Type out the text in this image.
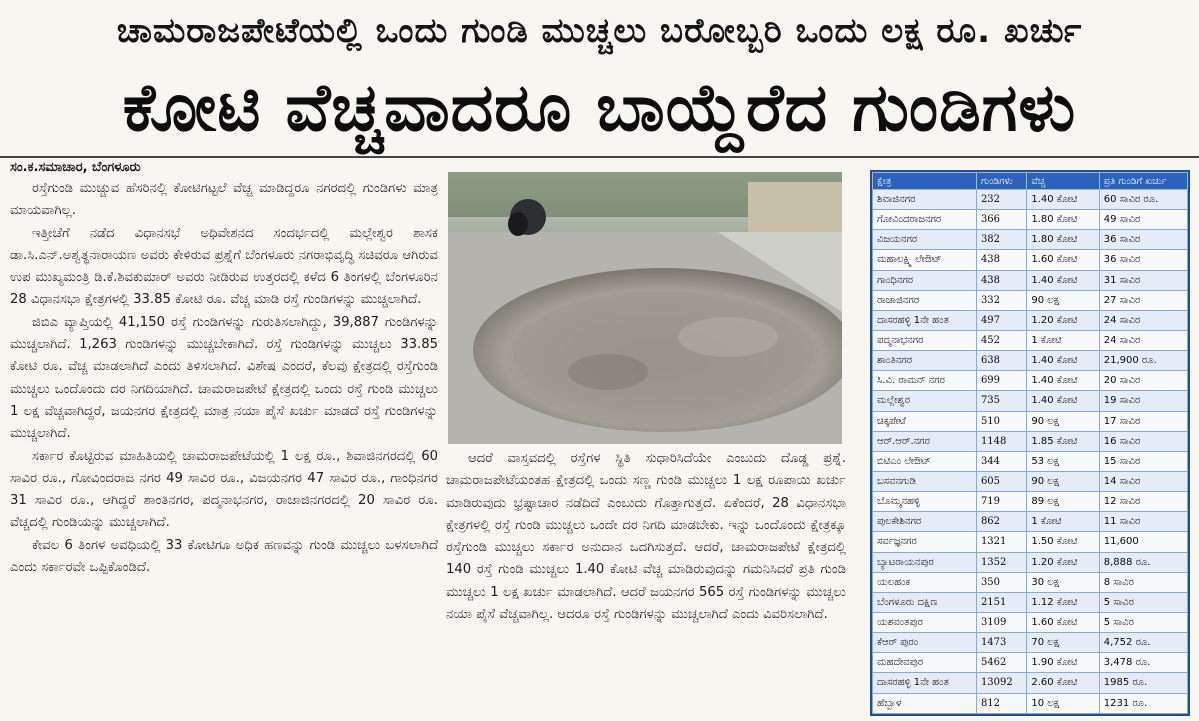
ಚಾಮರಾಜಪೇಟೆಯಲ್ಲಿ ಒಂದು ಗುಂಡಿ ಮುಚ್ಚಲು ಬರೋಬ್ಬರಿ ಒಂದು ಲಕ್ಷ ರೂ. ಖರ್ಚು
ಕೋಟಿ ವೆಚ್ಚವಾದರೂ ಬಾಯ್ದೆರೆದ ಗುಂಡಿಗಳು
ಸಂ.ಕ.ಸಮಾಚಾರ, ಬೆಂಗಳೂರು

ರಸ್ತೆಗುಂಡಿ ಮುಚ್ಚುವ ಹೆಸರಿನಲ್ಲಿ ಕೋಟಿಗಟ್ಟಲೆ ವೆಚ್ಚ ಮಾಡಿದ್ದರೂ ನಗರದಲ್ಲಿ ಗುಂಡಿಗಳು ಮಾತ್ರ ಮಾಯವಾಗಿಲ್ಲ.

ಇತ್ತೀಚೆಗೆ ನಡೆದ ವಿಧಾನಸಭೆ ಅಧಿವೇಶನದ ಸಂದರ್ಭದಲ್ಲಿ ಮಲ್ಲೇಶ್ವರ ಶಾಸಕ ಡಾ.ಸಿ.ಎನ್.ಅಶ್ವತ್ಥನಾರಾಯಣ ಅವರು ಕೇಳಿರುವ ಪ್ರಶ್ನೆಗೆ ಬೆಂಗಳೂರು ನಗರಾಭಿವೃದ್ಧಿ ಸಚಿವರೂ ಆಗಿರುವ ಉಪ ಮುಖ್ಯಮಂತ್ರಿ ಡಿ.ಕೆ.ಶಿವಕುಮಾರ್ ಅವರು ನೀಡಿರುವ ಉತ್ತರದಲ್ಲಿ ಕಳೆದ 6 ತಿಂಗಳಲ್ಲಿ ಬೆಂಗಳೂರಿನ 28 ವಿಧಾನಸಭಾ ಕ್ಷೇತ್ರಗಳಲ್ಲಿ 33.85 ಕೋಟಿ ರೂ. ವೆಚ್ಚ ಮಾಡಿ ರಸ್ತೆ ಗುಂಡಿಗಳನ್ನು ಮುಚ್ಚಲಾಗಿದೆ.

ಜಿಬಿಎ ವ್ಯಾಪ್ತಿಯಲ್ಲಿ 41,150 ರಸ್ತೆ ಗುಂಡಿಗಳನ್ನು ಗುರುತಿಸಲಾಗಿದ್ದು, 39,887 ಗುಂಡಿಗಳನ್ನು ಮುಚ್ಚಲಾಗಿದೆ. 1,263 ಗುಂಡಿಗಳನ್ನು ಮುಚ್ಚಬೇಕಾಗಿದೆ. ರಸ್ತೆ ಗುಂಡಿಗಳನ್ನು ಮುಚ್ಚಲು 33.85 ಕೋಟಿ ರೂ. ವೆಚ್ಚ ಮಾಡಲಾಗಿದೆ ಎಂದು ತಿಳಿಸಲಾಗಿದೆ. ವಿಶೇಷ ಎಂದರೆ, ಕೆಲವು ಕ್ಷೇತ್ರದಲ್ಲಿ ರಸ್ತೆಗುಂಡಿ ಮುಚ್ಚಲು ಒಂದೊಂದು ದರ ನಿಗದಿಯಾಗಿದೆ. ಚಾಮರಾಜಪೇಟೆ ಕ್ಷೇತ್ರದಲ್ಲಿ ಒಂದು ರಸ್ತೆ ಗುಂಡಿ ಮುಚ್ಚಲು 1 ಲಕ್ಷ ವೆಚ್ಚವಾಗಿದ್ದರೆ, ಜಯನಗರ ಕ್ಷೇತ್ರದಲ್ಲಿ ಮಾತ್ರ ನಯಾ ಪೈಸೆ ಖರ್ಚು ಮಾಡದೆ ರಸ್ತೆ ಗುಂಡಿಗಳನ್ನು ಮುಚ್ಚಲಾಗಿದೆ.

ಸರ್ಕಾರ ಕೊಟ್ಟಿರುವ ಮಾಹಿತಿಯಲ್ಲಿ ಚಾಮರಾಜಪೇಟೆಯಲ್ಲಿ 1 ಲಕ್ಷ ರೂ., ಶಿವಾಜಿನಗರದಲ್ಲಿ 60 ಸಾವಿರ ರೂ., ಗೋವಿಂದರಾಜ ನಗರ 49 ಸಾವಿರ ರೂ., ವಿಜಯನಗರ 47 ಸಾವಿರ ರೂ., ಗಾಂಧಿನಗರ 31 ಸಾವಿರ ರೂ., ಆಗಿದ್ದರೆ ಶಾಂತಿನಗರ, ಪದ್ಮನಾಭನಗರ, ರಾಜಾಜಿನಗರದಲ್ಲಿ 20 ಸಾವಿರ ರೂ. ವೆಚ್ಚದಲ್ಲಿ ಗುಂಡಿಯನ್ನು ಮುಚ್ಚಲಾಗಿದೆ.

ಕೇವಲ 6 ತಿಂಗಳ ಅವಧಿಯಲ್ಲಿ 33 ಕೋಟಿಗೂ ಅಧಿಕ ಹಣವನ್ನು ಗುಂಡಿ ಮುಚ್ಚಲು ಬಳಸಲಾಗಿದೆ ಎಂದು ಸರ್ಕಾರವೇ ಒಪ್ಪಿಕೊಂಡಿದೆ.

ಆದರೆ ವಾಸ್ತವದಲ್ಲಿ ರಸ್ತೆಗಳ ಸ್ಥಿತಿ ಸುಧಾರಿಸಿದೆಯೇ ಎಂಬುದು ದೊಡ್ಡ ಪ್ರಶ್ನೆ. ಚಾಮರಾಜಪೇಟೆಯಂತಹ ಕ್ಷೇತ್ರದಲ್ಲಿ ಒಂದು ಸಣ್ಣ ಗುಂಡಿ ಮುಚ್ಚಲು 1 ಲಕ್ಷ ರೂಪಾಯಿ ಖರ್ಚು ಮಾಡಿರುವುದು ಭ್ರಷ್ಟಾಚಾರ ನಡೆದಿದೆ ಎಂಬುದು ಗೊತ್ತಾಗುತ್ತದೆ. ಏಕೆಂದರೆ, 28 ವಿಧಾನಸಭಾ ಕ್ಷೇತ್ರಗಳಲ್ಲಿ ರಸ್ತೆ ಗುಂಡಿ ಮುಚ್ಚಲು ಒಂದೇ ದರ ನಿಗದಿ ಮಾಡಬೇಕು. ಇನ್ನು ಒಂದೊಂದು ಕ್ಷೇತ್ರಕ್ಕೂ ರಸ್ತೆಗುಂಡಿ ಮುಚ್ಚಲು ಸರ್ಕಾರ ಅನುದಾನ ಒದಗಿಸುತ್ತದೆ. ಆದರೆ, ಚಾಮರಾಜಪೇಟೆ ಕ್ಷೇತ್ರದಲ್ಲಿ 140 ರಸ್ತೆ ಗುಂಡಿ ಮುಚ್ಚಲು 1.40 ಕೋಟಿ ವೆಚ್ಚ ಮಾಡಿರುವುದನ್ನು ಗಮನಿಸಿದರೆ ಪ್ರತಿ ಗುಂಡಿ ಮುಚ್ಚಲು 1 ಲಕ್ಷ ಖರ್ಚು ಮಾಡಲಾಗಿದೆ. ಆದರೆ ಜಯನಗರ 565 ರಸ್ತೆ ಗುಂಡಿಗಳನ್ನು ಮುಚ್ಚಲು ನಯಾ ಪೈಸೆ ವೆಚ್ಚವಾಗಿಲ್ಲ. ಆದರೂ ರಸ್ತೆ ಗುಂಡಿಗಳನ್ನು ಮುಚ್ಚಲಾಗಿದೆ ಎಂದು ವಿವರಿಸಲಾಗಿದೆ.

ಕ್ಷೇತ್ರ	ಗುಂಡಿಗಳು	ವೆಚ್ಚ	ಪ್ರತಿ ಗುಂಡಿಗೆ ಖರ್ಚು
ಶಿವಾಜಿನಗರ	232	1.40 ಕೋಟಿ	60 ಸಾವಿರ ರೂ.
ಗೋವಿಂದರಾಜನಗರ	366	1.80 ಕೋಟಿ	49 ಸಾವಿರ
ವಿಜಯನಗರ	382	1.80 ಕೋಟಿ	36 ಸಾವಿರ
ಮಹಾಲಕ್ಷ್ಮಿ ಲೇಔಟ್	438	1.60 ಕೋಟಿ	36 ಸಾವಿರ
ಗಾಂಧಿನಗರ	438	1.40 ಕೋಟಿ	31 ಸಾವಿರ
ರಾಜಾಜಿನಗರ	332	90 ಲಕ್ಷ	27 ಸಾವಿರ
ದಾಸರಹಳ್ಳಿ 1ನೇ ಹಂತ	497	1.20 ಕೋಟಿ	24 ಸಾವಿರ
ಪದ್ಮನಾಭನಗರ	452	1 ಕೋಟಿ	24 ಸಾವಿರ
ಶಾಂತಿನಗರ	638	1.40 ಕೋಟಿ	21,900 ರೂ.
ಸಿ.ವಿ. ರಾಮನ್ ನಗರ	699	1.40 ಕೋಟಿ	20 ಸಾವಿರ
ಮಲ್ಲೇಶ್ವರ	735	1.40 ಕೋಟಿ	19 ಸಾವಿರ
ಚಿಕ್ಕಪೇಟೆ	510	90 ಲಕ್ಷ	17 ಸಾವಿರ
ಆರ್.ಆರ್.ನಗರ	1148	1.85 ಕೋಟಿ	16 ಸಾವಿರ
ಬಿಟಿಎಂ ಲೇಔಟ್	344	53 ಲಕ್ಷ	15 ಸಾವಿರ
ಬಸವನಗುಡಿ	605	90 ಲಕ್ಷ	14 ಸಾವಿರ
ಬೊಮ್ಮನಹಳ್ಳಿ	719	89 ಲಕ್ಷ	12 ಸಾವಿರ
ಪುಲಕೇಶಿನಗರ	862	1 ಕೋಟಿ	11 ಸಾವಿರ
ಸರ್ವಜ್ಞನಗರ	1321	1.50 ಕೋಟಿ	11,600
ಬ್ಯಾಟರಾಯನಪುರ	1352	1.20 ಕೋಟಿ	8,888 ರೂ.
ಯಲಹಂಕ	350	30 ಲಕ್ಷ	8 ಸಾವಿರ
ಬೆಂಗಳೂರು ದಕ್ಷಿಣ	2151	1.12 ಕೋಟಿ	5 ಸಾವಿರ
ಯಶವಂತಪುರ	3109	1.60 ಕೋಟಿ	5 ಸಾವಿರ
ಕೆಆರ್ ಪುರಂ	1473	70 ಲಕ್ಷ	4,752 ರೂ.
ಮಹದೇವಪುರ	5462	1.90 ಕೋಟಿ	3,478 ರೂ.
ದಾಸರಹಳ್ಳಿ 1ನೇ ಹಂತ	13092	2.60 ಕೋಟಿ	1985 ರೂ.
ಹೆಬ್ಬಾಳ	812	10 ಲಕ್ಷ	1231 ರೂ.
